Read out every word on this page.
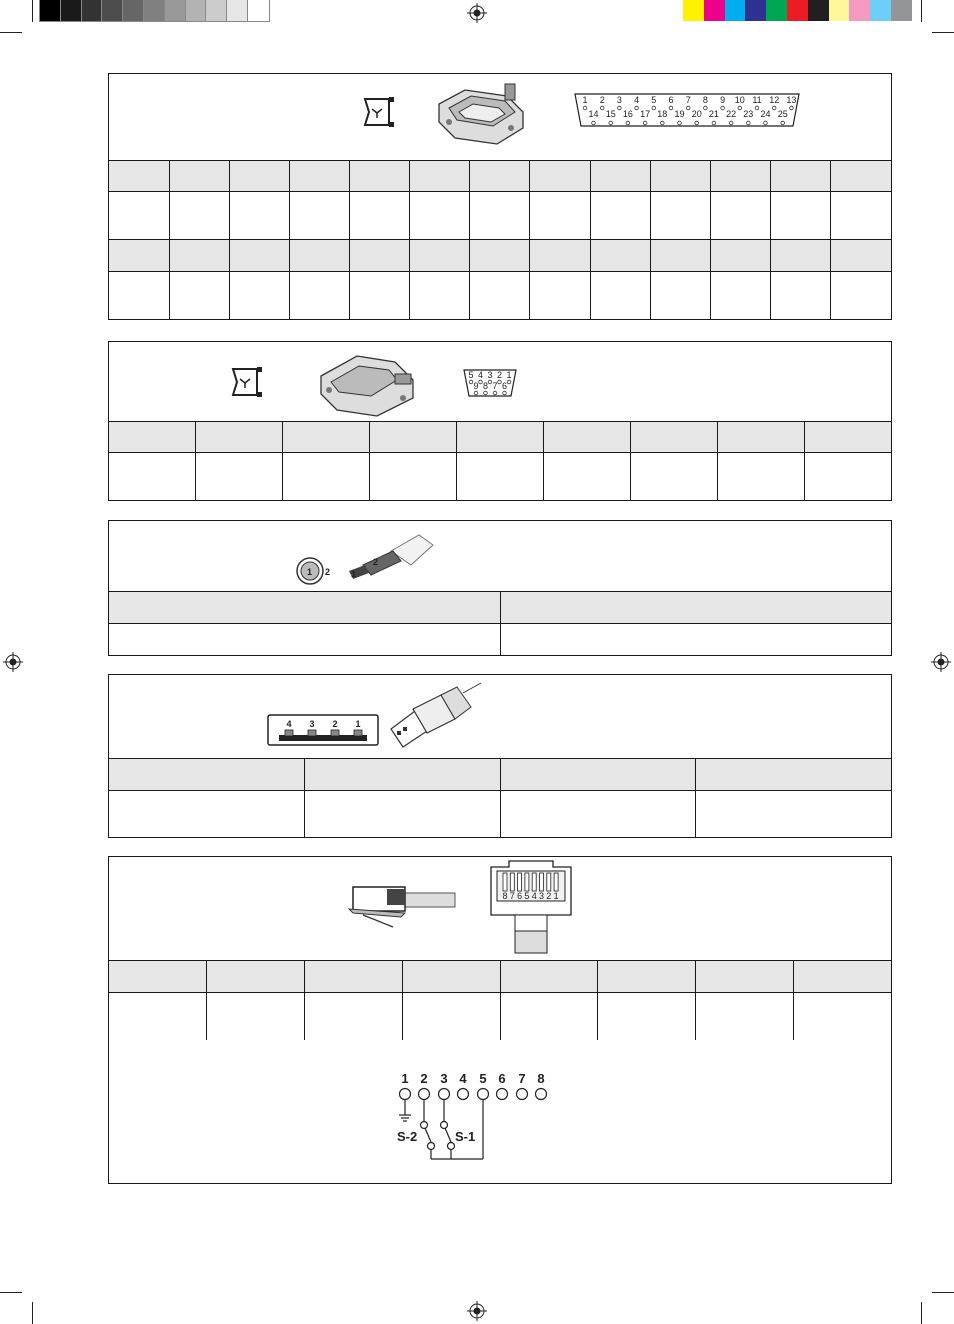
1 2 3 4 5 6 7 8 9 10 11 12 13
14 15 16 17 18 19 20 21 22 23 24 25

5 4 3 2 1
9 8 7 6

1 2
2
1

4 3 2 1

8 7 6 5 4 3 2 1

1 2 3 4 5 6 7 8
S-2	S-1
